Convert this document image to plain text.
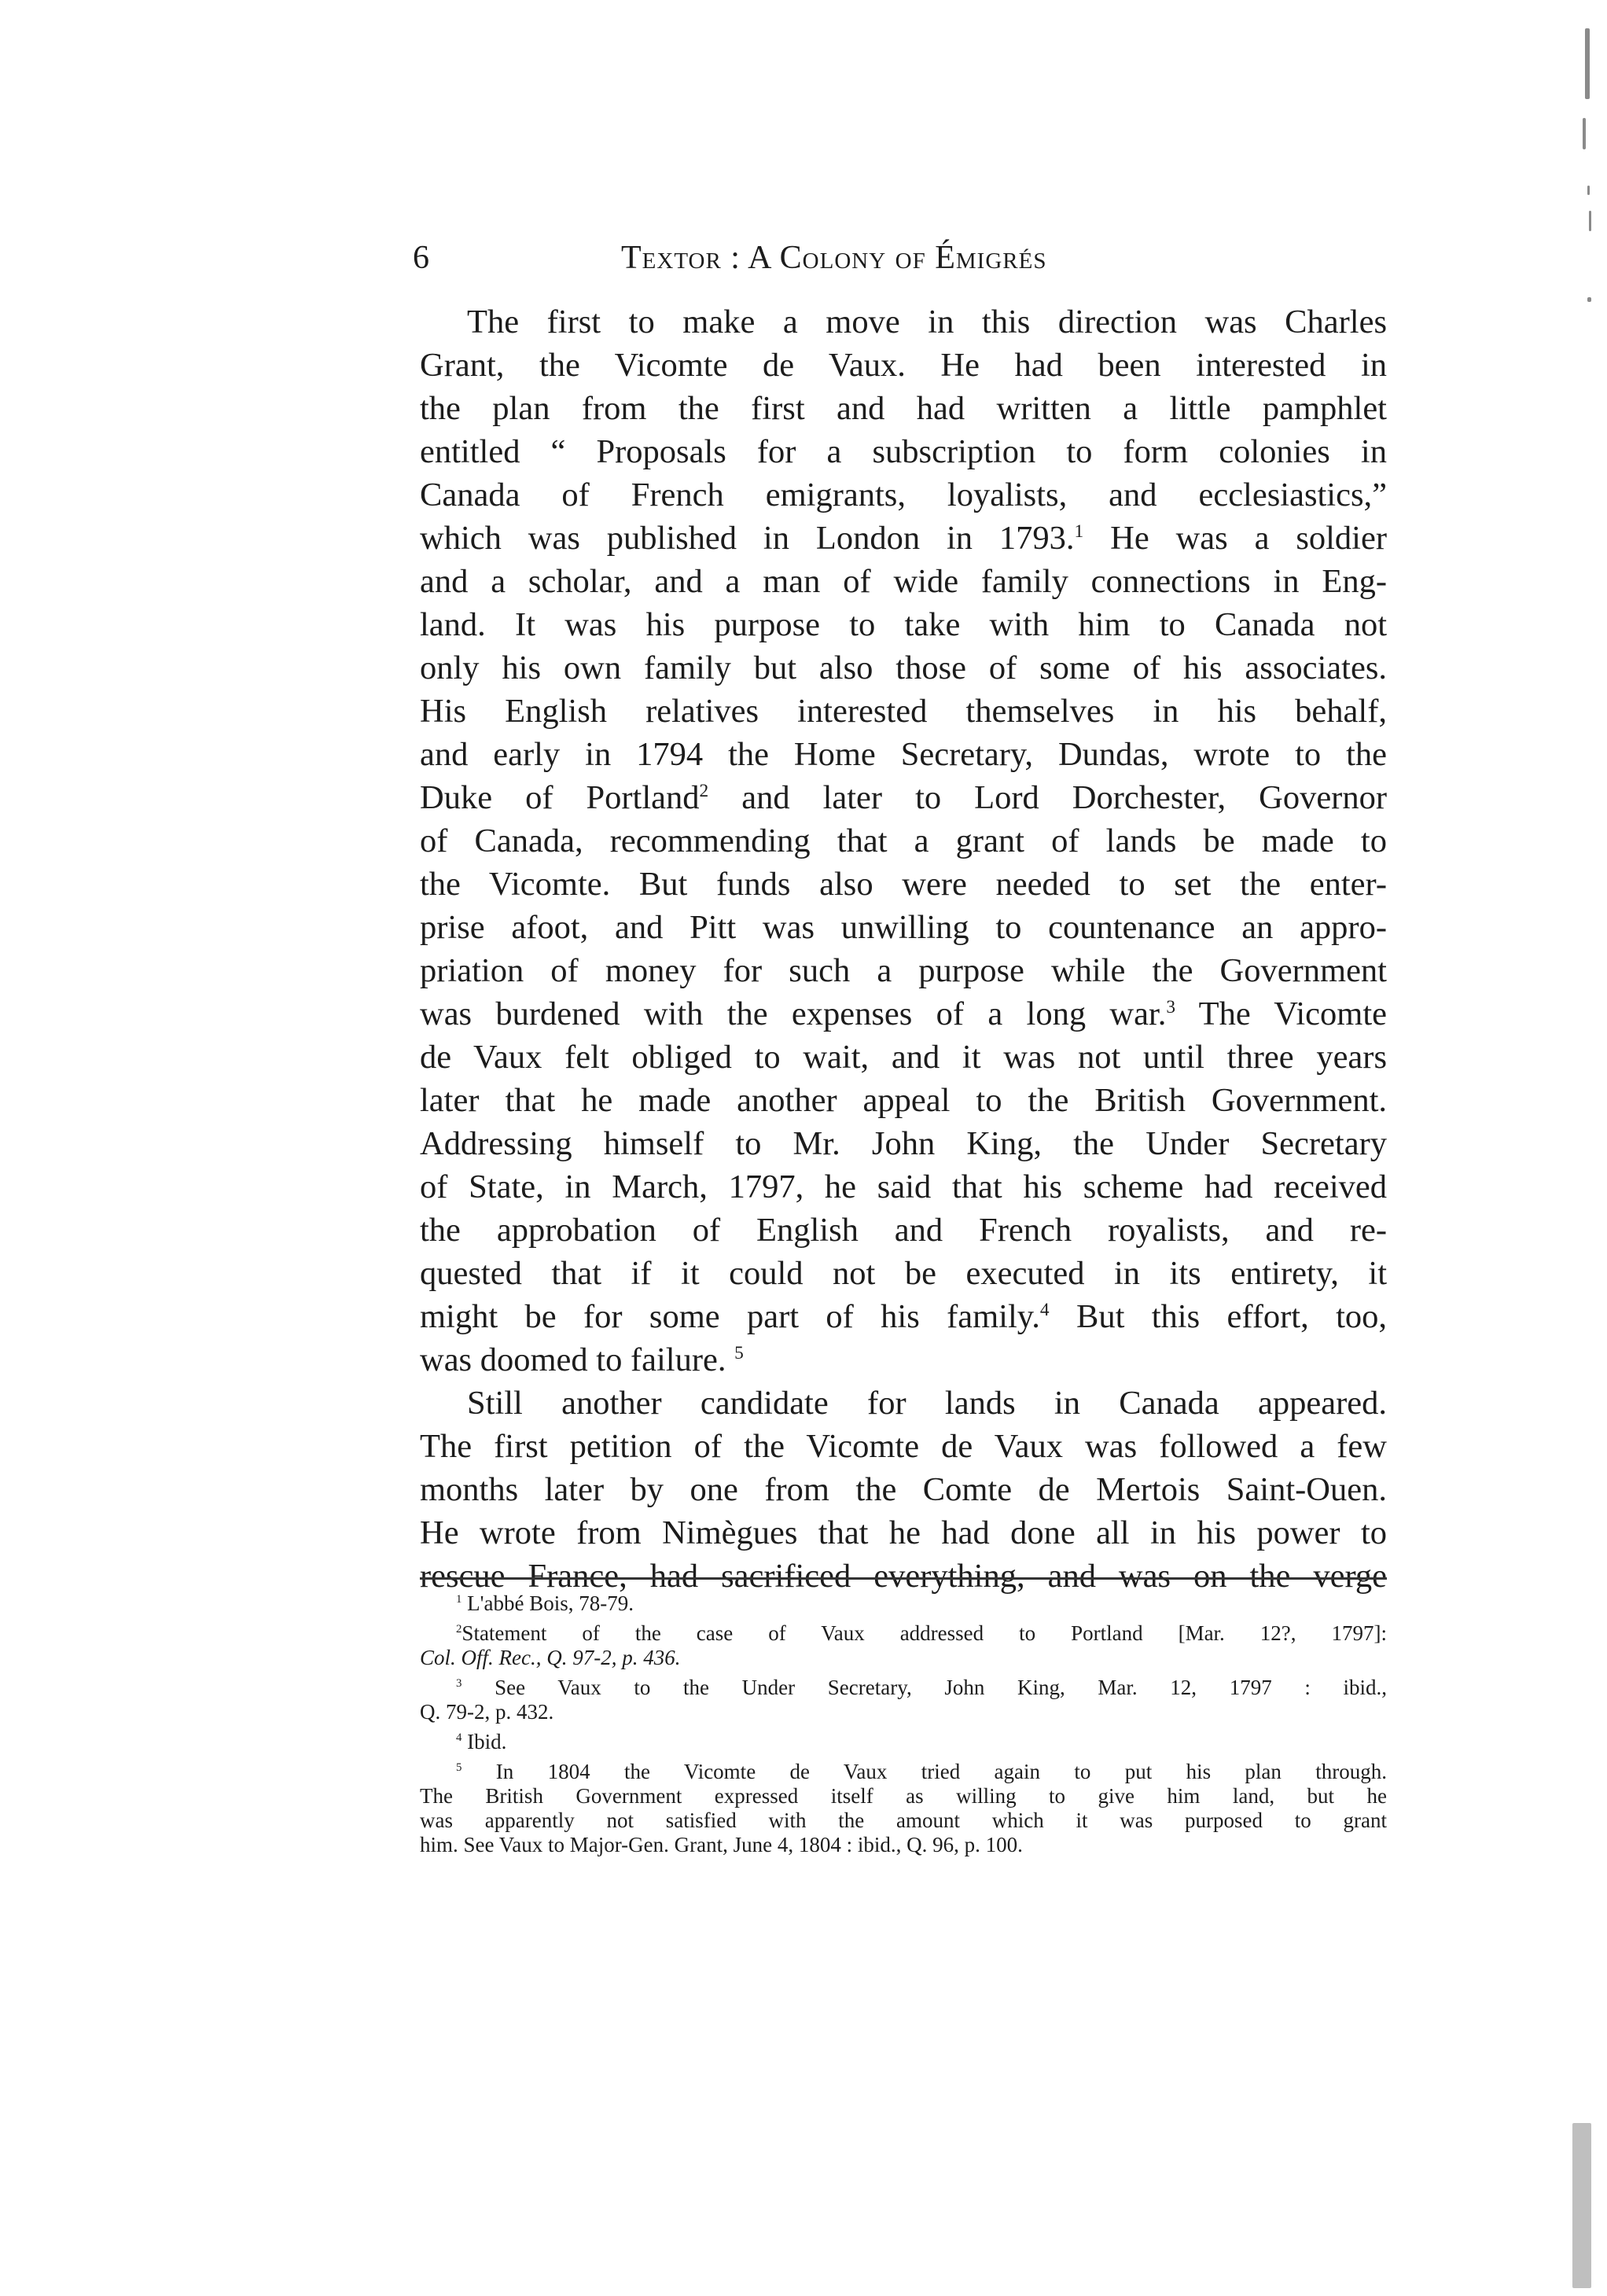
6	Textor : A Colony of Émigrés
The first to make a move in this direction was Charles
Grant, the Vicomte de Vaux. He had been interested in
the plan from the first and had written a little pamphlet
entitled “ Proposals for a subscription to form colonies in
Canada of French emigrants, loyalists, and ecclesiastics,”
which was published in London in 1793.$^1$ He was a soldier
and a scholar, and a man of wide family connections in Eng-
land. It was his purpose to take with him to Canada not
only his own family but also those of some of his associates.
His English relatives interested themselves in his behalf,
and early in 1794 the Home Secretary, Dundas, wrote to the
Duke of Portland$^2$ and later to Lord Dorchester, Governor
of Canada, recommending that a grant of lands be made to
the Vicomte. But funds also were needed to set the enter-
prise afoot, and Pitt was unwilling to countenance an appro-
priation of money for such a purpose while the Government
was burdened with the expenses of a long war.$^3$ The Vicomte
de Vaux felt obliged to wait, and it was not until three years
later that he made another appeal to the British Government.
Addressing himself to Mr. John King, the Under Secretary
of State, in March, 1797, he said that his scheme had received
the approbation of English and French royalists, and re-
quested that if it could not be executed in its entirety, it
might be for some part of his family.$^4$ But this effort, too,
was doomed to failure. $^5$
Still another candidate for lands in Canada appeared.
The first petition of the Vicomte de Vaux was followed a few
months later by one from the Comte de Mertois Saint-Ouen.
He wrote from Nimègues that he had done all in his power to
rescue France, had sacrificed everything, and was on the verge
$^1$ L'abbé Bois, 78-79.
$^2$Statement of the case of Vaux addressed to Portland [Mar. 12?, 1797]:
Col. Off. Rec., Q. 97-2, p. 436.
$^3$ See Vaux to the Under Secretary, John King, Mar. 12, 1797 : ibid.,
Q. 79-2, p. 432.
$^4$ Ibid.
$^5$ In 1804 the Vicomte de Vaux tried again to put his plan through.
The British Government expressed itself as willing to give him land, but he
was apparently not satisfied with the amount which it was purposed to grant
him. See Vaux to Major-Gen. Grant, June 4, 1804 : ibid., Q. 96, p. 100.
